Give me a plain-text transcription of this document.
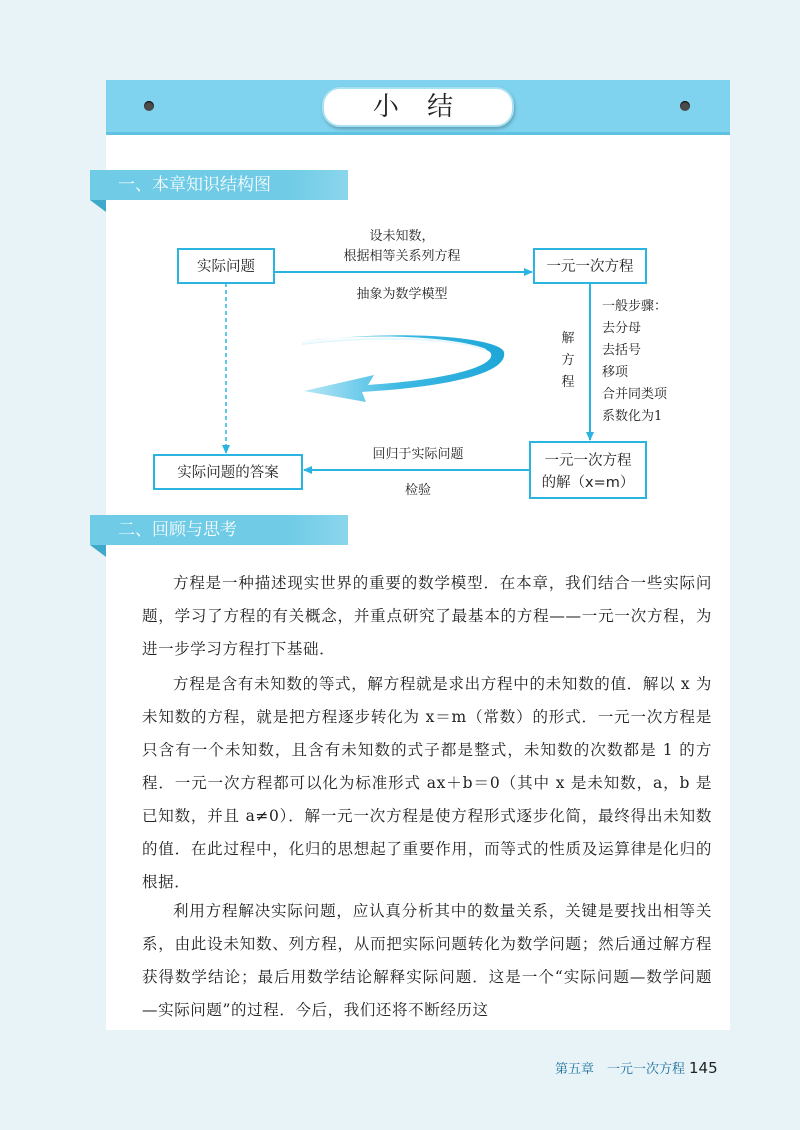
小 结
一、本章知识结构图
实际问题	一元一次方程
一元一次方程
的解（x=m）
实际问题的答案
设未知数，
根据相等关系列方程
抽象为数学模型
解
方
程
一般步骤：
去分母
去括号
移项
合并同类项
系数化为1
回归于实际问题
检验
二、回顾与思考

方程是一种描述现实世界的重要的数学模型．在本章，我们结合一些实际问题，学习了方程的有关概念，并重点研究了最基本的方程——一元一次方程，为进一步学习方程打下基础．

方程是含有未知数的等式，解方程就是求出方程中的未知数的值．解以 x 为未知数的方程，就是把方程逐步转化为 x＝m（常数）的形式．一元一次方程是只含有一个未知数，且含有未知数的式子都是整式，未知数的次数都是 1 的方程．一元一次方程都可以化为标准形式 ax＋b＝0（其中 x 是未知数，a，b 是已知数，并且 a≠0）．解一元一次方程是使方程形式逐步化简，最终得出未知数的值．在此过程中，化归的思想起了重要作用，而等式的性质及运算律是化归的根据．

利用方程解决实际问题，应认真分析其中的数量关系，关键是要找出相等关系，由此设未知数、列方程，从而把实际问题转化为数学问题；然后通过解方程获得数学结论；最后用数学结论解释实际问题．这是一个“实际问题—数学问题—实际问题”的过程．今后，我们还将不断经历这

第五章　一元一次方程 145
